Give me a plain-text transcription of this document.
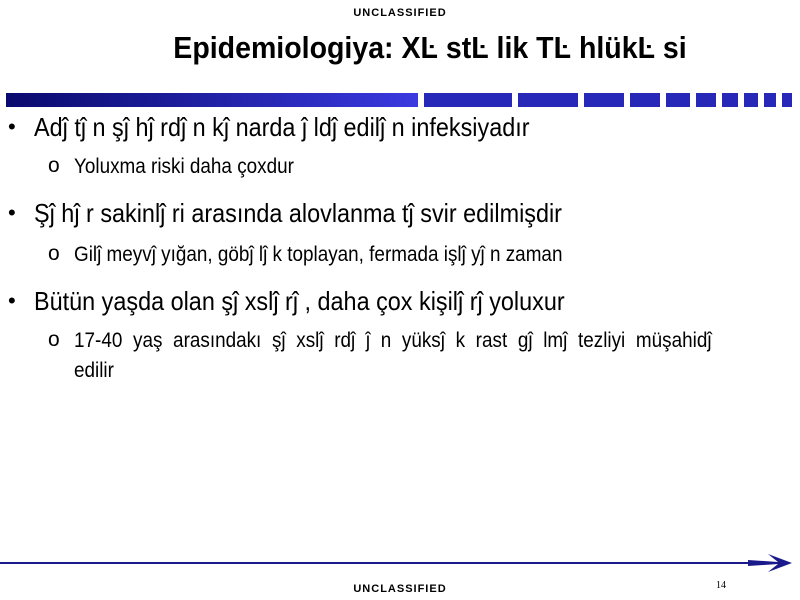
UNCLASSIFIED
Epidemiologiya: XĿ stĿ lik TĿ hlükĿ si
• Adĵ tĵ n şĵ hĵ rdĵ n kĵ narda ĵ ldĵ edilĵ n infeksiyadır
o Yoluxma riski daha çoxdur
• Şĵ hĵ r sakinlĵ ri arasında alovlanma tĵ svir edilmişdir
o Gilĵ meyvĵ yığan, göbĵ lĵ k toplayan, fermada işlĵ yĵ n zaman
• Bütün yaşda olan şĵ xslĵ rĵ , daha çox kişilĵ rĵ yoluxur
o 17-40 yaş arasındakı şĵ xslĵ rdĵ ĵ n yüksĵ k rast gĵ lmĵ tezliyi müşahidĵ edilir
14
UNCLASSIFIED
